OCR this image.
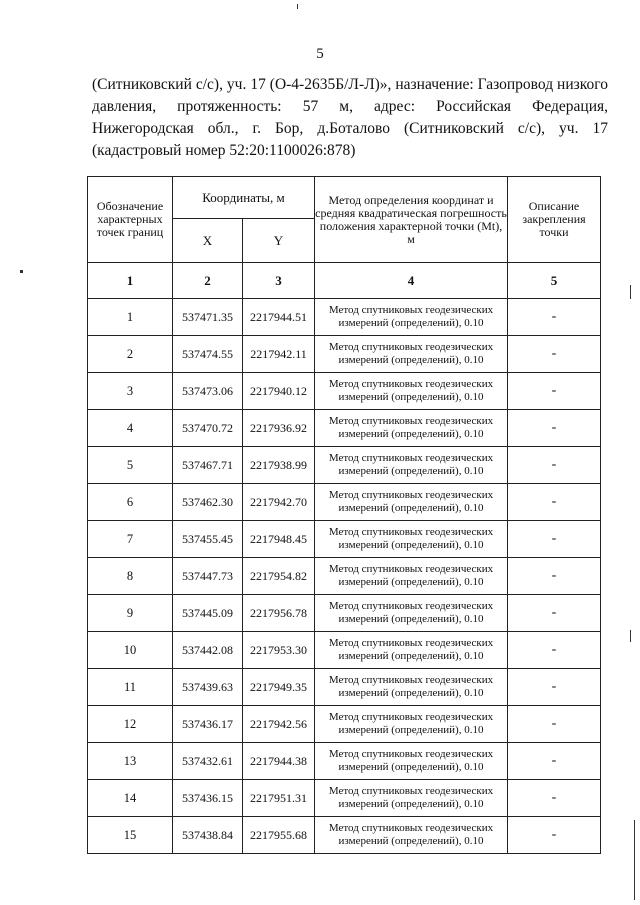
5
(Ситниковский с/с), уч. 17 (О-4-2635Б/Л-Л)», назначение: Газопровод низкого давления, протяженность: 57 м, адрес: Российская Федерация, Нижегородская обл., г. Бор, д.Боталово (Ситниковский с/с), уч. 17 (кадастровый номер 52:20:1100026:878)
Обозначение характерных точек границ	Координаты, м		Метод определения координат и средняя квадратическая погрешность положения характерной точки (Mt), м	Описание закрепления точки
	X	Y		
1	2	3	4	5
1	537471.35	2217944.51	Метод спутниковых геодезических измерений (определений), 0.10	-
2	537474.55	2217942.11	Метод спутниковых геодезических измерений (определений), 0.10	-
3	537473.06	2217940.12	Метод спутниковых геодезических измерений (определений), 0.10	-
4	537470.72	2217936.92	Метод спутниковых геодезических измерений (определений), 0.10	-
5	537467.71	2217938.99	Метод спутниковых геодезических измерений (определений), 0.10	-
6	537462.30	2217942.70	Метод спутниковых геодезических измерений (определений), 0.10	-
7	537455.45	2217948.45	Метод спутниковых геодезических измерений (определений), 0.10	-
8	537447.73	2217954.82	Метод спутниковых геодезических измерений (определений), 0.10	-
9	537445.09	2217956.78	Метод спутниковых геодезических измерений (определений), 0.10	-
10	537442.08	2217953.30	Метод спутниковых геодезических измерений (определений), 0.10	-
11	537439.63	2217949.35	Метод спутниковых геодезических измерений (определений), 0.10	-
12	537436.17	2217942.56	Метод спутниковых геодезических измерений (определений), 0.10	-
13	537432.61	2217944.38	Метод спутниковых геодезических измерений (определений), 0.10	-
14	537436.15	2217951.31	Метод спутниковых геодезических измерений (определений), 0.10	-
15	537438.84	2217955.68	Метод спутниковых геодезических измерений (определений), 0.10	-
